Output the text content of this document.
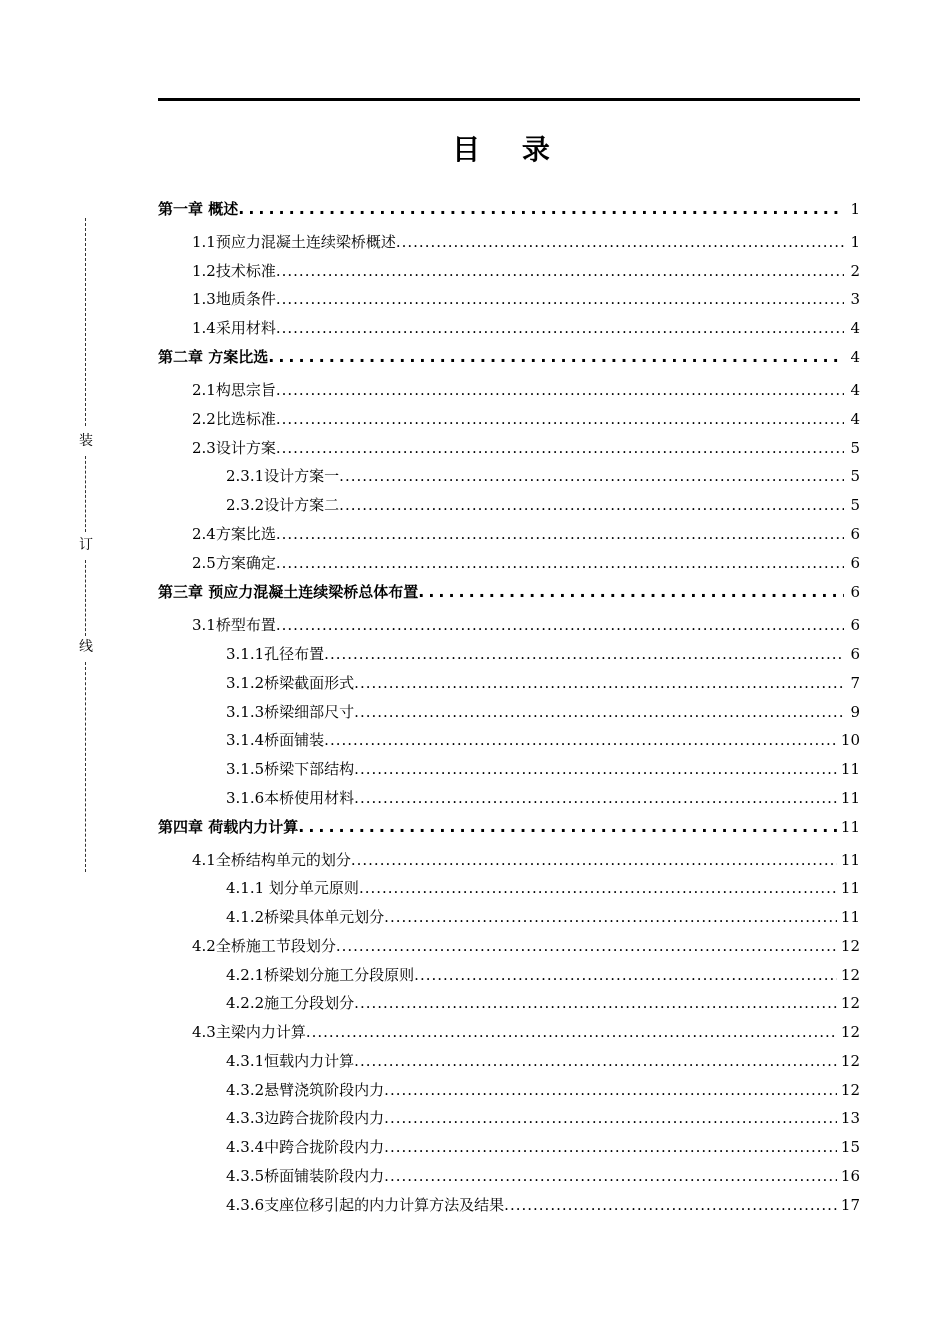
目 录
装
订
线
第一章 概述 .....	1
1.1预应力混凝土连续梁桥概述 .....	1
1.2技术标准 .....	2
1.3地质条件 .....	3
1.4采用材料 .....	4
第二章 方案比选 .....	4
2.1构思宗旨 .....	4
2.2比选标准 .....	4
2.3设计方案 .....	5
2.3.1设计方案一 .....	5
2.3.2设计方案二 .....	5
2.4方案比选 .....	6
2.5方案确定 .....	6
第三章 预应力混凝土连续梁桥总体布置 .....	6
3.1桥型布置 .....	6
3.1.1孔径布置 .....	6
3.1.2桥梁截面形式 .....	7
3.1.3桥梁细部尺寸 .....	9
3.1.4桥面铺装 .....	10
3.1.5桥梁下部结构 .....	11
3.1.6本桥使用材料 .....	11
第四章 荷载内力计算 .....	11
4.1全桥结构单元的划分 .....	11
4.1.1 划分单元原则 .....	11
4.1.2桥梁具体单元划分 .....	11
4.2全桥施工节段划分 .....	12
4.2.1桥梁划分施工分段原则 .....	12
4.2.2施工分段划分 .....	12
4.3主梁内力计算 .....	12
4.3.1恒载内力计算 .....	12
4.3.2悬臂浇筑阶段内力 .....	12
4.3.3边跨合拢阶段内力 .....	13
4.3.4中跨合拢阶段内力 .....	15
4.3.5桥面铺装阶段内力 .....	16
4.3.6支座位移引起的内力计算方法及结果 .....	17
